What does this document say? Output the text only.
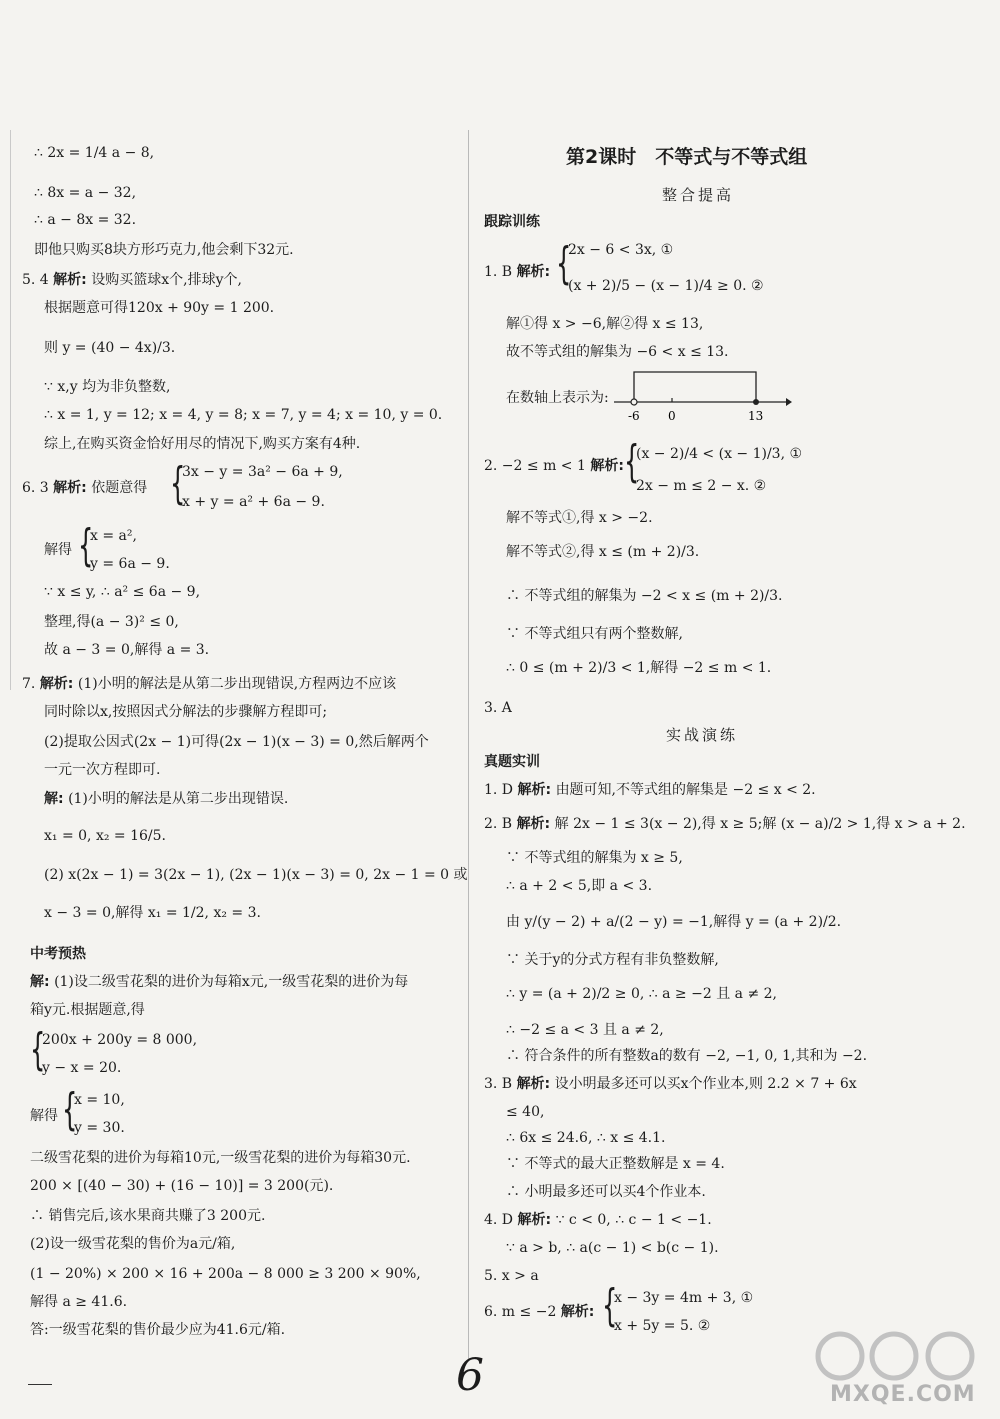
∴ 2x = 1/4 a − 8,
∴ 8x = a − 32,
∴ a − 8x = 32.
即他只购买8块方形巧克力,他会剩下32元.
5. 4 解析: 设购买篮球x个,排球y个,
根据题意可得120x + 90y = 1 200.
则 y = (40 − 4x)/3.
∵ x,y 均为非负整数,
∴ x = 1, y = 12; x = 4, y = 8; x = 7, y = 4; x = 10, y = 0.
综上,在购买资金恰好用尽的情况下,购买方案有4种.
6. 3 解析: 依题意得 {
3x − y = 3a² − 6a + 9,
x + y = a² + 6a − 9.
解得 {
x = a²,
y = 6a − 9.
∵ x ≤ y, ∴ a² ≤ 6a − 9,
整理,得(a − 3)² ≤ 0,
故 a − 3 = 0,解得 a = 3.
7. 解析: (1)小明的解法是从第二步出现错误,方程两边不应该
同时除以x,按照因式分解法的步骤解方程即可;
(2)提取公因式(2x − 1)可得(2x − 1)(x − 3) = 0,然后解两个
一元一次方程即可.
解: (1)小明的解法是从第二步出现错误.
x₁ = 0, x₂ = 16/5.
(2) x(2x − 1) = 3(2x − 1), (2x − 1)(x − 3) = 0, 2x − 1 = 0 或
x − 3 = 0,解得 x₁ = 1/2, x₂ = 3.
中考预热
解: (1)设二级雪花梨的进价为每箱x元,一级雪花梨的进价为每
箱y元.根据题意,得
{
200x + 200y = 8 000,
y − x = 20.
解得 {
x = 10,
y = 30.
二级雪花梨的进价为每箱10元,一级雪花梨的进价为每箱30元.
200 × [(40 − 30) + (16 − 10)] = 3 200(元).
∴ 销售完后,该水果商共赚了3 200元.
(2)设一级雪花梨的售价为a元/箱,
(1 − 20%) × 200 × 16 + 200a − 8 000 ≥ 3 200 × 90%,
解得 a ≥ 41.6.
答:一级雪花梨的售价最少应为41.6元/箱.
第2课时　不等式与不等式组
整合提高
跟踪训练
1. B 解析: {
2x − 6 < 3x, ①
(x + 2)/5 − (x − 1)/4 ≥ 0. ②
解①得 x > −6,解②得 x ≤ 13,
故不等式组的解集为 −6 < x ≤ 13.
在数轴上表示为:
-6 0	13
2. −2 ≤ m < 1 解析: {
(x − 2)/4 < (x − 1)/3, ①
2x − m ≤ 2 − x. ②
解不等式①,得 x > −2.
解不等式②,得 x ≤ (m + 2)/3.
∴ 不等式组的解集为 −2 < x ≤ (m + 2)/3.
∵ 不等式组只有两个整数解,
∴ 0 ≤ (m + 2)/3 < 1,解得 −2 ≤ m < 1.
3. A
实战演练
真题实训
1. D 解析: 由题可知,不等式组的解集是 −2 ≤ x < 2.
2. B 解析: 解 2x − 1 ≤ 3(x − 2),得 x ≥ 5;解 (x − a)/2 > 1,得 x > a + 2.
∵ 不等式组的解集为 x ≥ 5,
∴ a + 2 < 5,即 a < 3.
由 y/(y − 2) + a/(2 − y) = −1,解得 y = (a + 2)/2.
∵ 关于y的分式方程有非负整数解,
∴ y = (a + 2)/2 ≥ 0, ∴ a ≥ −2 且 a ≠ 2,
∴ −2 ≤ a < 3 且 a ≠ 2,
∴ 符合条件的所有整数a的数有 −2, −1, 0, 1,其和为 −2.
3. B 解析: 设小明最多还可以买x个作业本,则 2.2 × 7 + 6x
≤ 40,
∴ 6x ≤ 24.6, ∴ x ≤ 4.1.
∵ 不等式的最大正整数解是 x = 4.
∴ 小明最多还可以买4个作业本.
4. D 解析: ∵ c < 0, ∴ c − 1 < −1.
∵ a > b, ∴ a(c − 1) < b(c − 1).
5. x > a
6. m ≤ −2 解析: {
x − 3y = 4m + 3, ①
x + 5y = 5. ②
6	MXQE.COM
